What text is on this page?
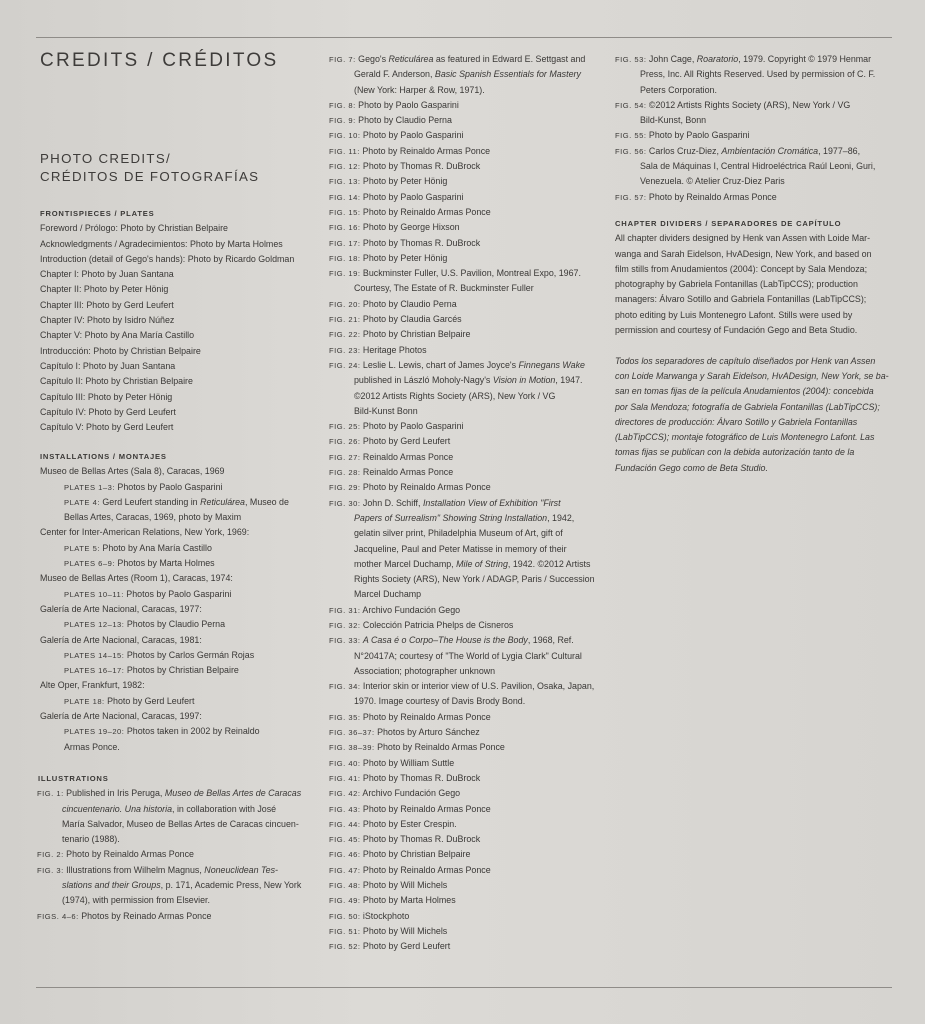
CREDITS / CRÉDITOS
PHOTO CREDITS/
CRÉDITOS DE FOTOGRAFÍAS
FRONTISPIECES / PLATES
Foreword / Prólogo: Photo by Christian Belpaire
Acknowledgments / Agradecimientos: Photo by Marta Holmes
Introduction (detail of Gego's hands): Photo by Ricardo Goldman
Chapter I: Photo by Juan Santana
Chapter II: Photo by Peter Hönig
Chapter III: Photo by Gerd Leufert
Chapter IV: Photo by Isidro Núñez
Chapter V: Photo by Ana María Castillo
Introducción: Photo by Christian Belpaire
Capítulo I: Photo by Juan Santana
Capítulo II: Photo by Christian Belpaire
Capítulo III: Photo by Peter Hönig
Capítulo IV: Photo by Gerd Leufert
Capítulo V: Photo by Gerd Leufert
INSTALLATIONS / MONTAJES
Museo de Bellas Artes (Sala 8), Caracas, 1969
PLATES 1–3: Photos by Paolo Gasparini
PLATE 4: Gerd Leufert standing in Reticulárea, Museo de
Bellas Artes, Caracas, 1969, photo by Maxim
Center for Inter-American Relations, New York, 1969:
PLATE 5: Photo by Ana María Castillo
PLATES 6–9: Photos by Marta Holmes
Museo de Bellas Artes (Room 1), Caracas, 1974:
PLATES 10–11: Photos by Paolo Gasparini
Galería de Arte Nacional, Caracas, 1977:
PLATES 12–13: Photos by Claudio Perna
Galería de Arte Nacional, Caracas, 1981:
PLATES 14–15: Photos by Carlos Germán Rojas
PLATES 16–17: Photos by Christian Belpaire
Alte Oper, Frankfurt, 1982:
PLATE 18: Photo by Gerd Leufert
Galería de Arte Nacional, Caracas, 1997:
PLATES 19–20: Photos taken in 2002 by Reinaldo
Armas Ponce.
ILLUSTRATIONS
FIG. 1: Published in Iris Peruga, Museo de Bellas Artes de Caracas
cincuentenario. Una historia, in collaboration with José
María Salvador, Museo de Bellas Artes de Caracas cincuen-
tenario (1988).
FIG. 2: Photo by Reinaldo Armas Ponce
FIG. 3: Illustrations from Wilhelm Magnus, Noneuclidean Tes-
slations and their Groups, p. 171, Academic Press, New York
(1974), with permission from Elsevier.
FIGS. 4–6: Photos by Reinado Armas Ponce
FIG. 7: Gego's Reticulárea as featured in Edward E. Settgast and
Gerald F. Anderson, Basic Spanish Essentials for Mastery
(New York: Harper & Row, 1971).
FIG. 8: Photo by Paolo Gasparini
FIG. 9: Photo by Claudio Perna
FIG. 10: Photo by Paolo Gasparini
FIG. 11: Photo by Reinaldo Armas Ponce
FIG. 12: Photo by Thomas R. DuBrock
FIG. 13: Photo by Peter Hönig
FIG. 14: Photo by Paolo Gasparini
FIG. 15: Photo by Reinaldo Armas Ponce
FIG. 16: Photo by George Hixson
FIG. 17: Photo by Thomas R. DuBrock
FIG. 18: Photo by Peter Hönig
FIG. 19: Buckminster Fuller, U.S. Pavilion, Montreal Expo, 1967.
Courtesy, The Estate of R. Buckminster Fuller
FIG. 20: Photo by Claudio Perna
FIG. 21: Photo by Claudia Garcés
FIG. 22: Photo by Christian Belpaire
FIG. 23: Heritage Photos
FIG. 24: Leslie L. Lewis, chart of James Joyce's Finnegans Wake
published in László Moholy-Nagy's Vision in Motion, 1947.
©2012 Artists Rights Society (ARS), New York / VG
Bild-Kunst Bonn
FIG. 25: Photo by Paolo Gasparini
FIG. 26: Photo by Gerd Leufert
FIG. 27: Reinaldo Armas Ponce
FIG. 28: Reinaldo Armas Ponce
FIG. 29: Photo by Reinaldo Armas Ponce
FIG. 30: John D. Schiff, Installation View of Exhibition "First
Papers of Surrealism" Showing String Installation, 1942,
gelatin silver print, Philadelphia Museum of Art, gift of
Jacqueline, Paul and Peter Matisse in memory of their
mother Marcel Duchamp, Mile of String, 1942. ©2012 Artists
Rights Society (ARS), New York / ADAGP, Paris / Succession
Marcel Duchamp
FIG. 31: Archivo Fundación Gego
FIG. 32: Colección Patricia Phelps de Cisneros
FIG. 33: A Casa é o Corpo–The House is the Body, 1968, Ref.
N°20417A; courtesy of "The World of Lygia Clark" Cultural
Association; photographer unknown
FIG. 34: Interior skin or interior view of U.S. Pavilion, Osaka, Japan,
1970. Image courtesy of Davis Brody Bond.
FIG. 35: Photo by Reinaldo Armas Ponce
FIG. 36–37: Photos by Arturo Sánchez
FIG. 38–39: Photo by Reinaldo Armas Ponce
FIG. 40: Photo by William Suttle
FIG. 41: Photo by Thomas R. DuBrock
FIG. 42: Archivo Fundación Gego
FIG. 43: Photo by Reinaldo Armas Ponce
FIG. 44: Photo by Ester Crespin.
FIG. 45: Photo by Thomas R. DuBrock
FIG. 46: Photo by Christian Belpaire
FIG. 47: Photo by Reinaldo Armas Ponce
FIG. 48: Photo by Will Michels
FIG. 49: Photo by Marta Holmes
FIG. 50: iStockphoto
FIG. 51: Photo by Will Michels
FIG. 52: Photo by Gerd Leufert
FIG. 53: John Cage, Roaratorio, 1979. Copyright © 1979 Henmar
Press, Inc. All Rights Reserved. Used by permission of C. F.
Peters Corporation.
FIG. 54: ©2012 Artists Rights Society (ARS), New York / VG
Bild-Kunst, Bonn
FIG. 55: Photo by Paolo Gasparini
FIG. 56: Carlos Cruz-Diez, Ambientación Cromática, 1977–86,
Sala de Máquinas I, Central Hidroeléctrica Raúl Leoni, Guri,
Venezuela. © Atelier Cruz-Diez Paris
FIG. 57: Photo by Reinaldo Armas Ponce
CHAPTER DIVIDERS / SEPARADORES DE CAPÍTULO
All chapter dividers designed by Henk van Assen with Loide Mar-
wanga and Sarah Eidelson, HvADesign, New York, and based on
film stills from Anudamientos (2004): Concept by Sala Mendoza;
photography by Gabriela Fontanillas (LabTipCCS); production
managers: Álvaro Sotillo and Gabriela Fontanillas (LabTipCCS);
photo editing by Luis Montenegro Lafont. Stills were used by
permission and courtesy of Fundación Gego and Beta Studio.
Todos los separadores de capítulo diseñados por Henk van Assen
con Loide Marwanga y Sarah Eidelson, HvADesign, New York, se ba-
san en tomas fijas de la película Anudamientos (2004): concebida
por Sala Mendoza; fotografía de Gabriela Fontanillas (LabTipCCS);
directores de producción: Álvaro Sotillo y Gabriela Fontanillas
(LabTipCCS); montaje fotográfico de Luis Montenegro Lafont. Las
tomas fijas se publican con la debida autorización tanto de la
Fundación Gego como de Beta Studio.
